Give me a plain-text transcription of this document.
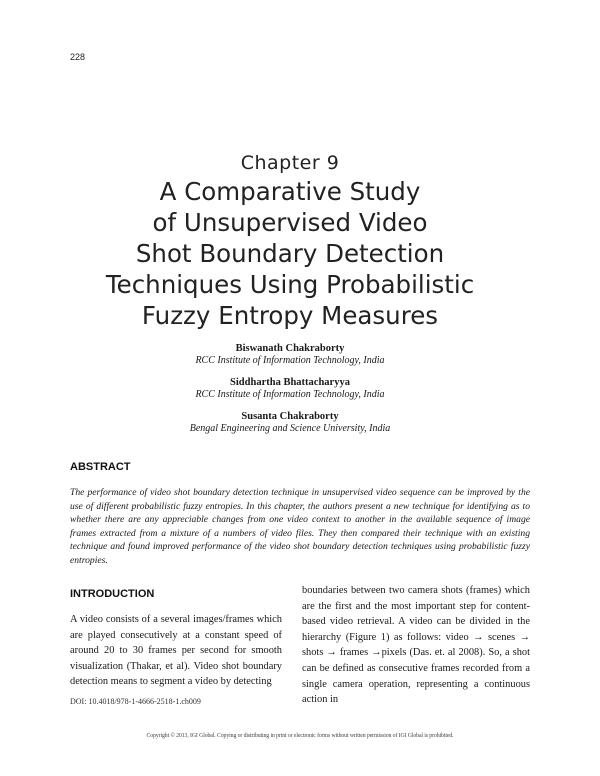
228
Chapter 9
A Comparative Study
of Unsupervised Video
Shot Boundary Detection
Techniques Using Probabilistic
Fuzzy Entropy Measures
Biswanath Chakraborty
RCC Institute of Information Technology, India
Siddhartha Bhattacharyya
RCC Institute of Information Technology, India
Susanta Chakraborty
Bengal Engineering and Science University, India
ABSTRACT
The performance of video shot boundary detection technique in unsupervised video sequence can be improved by the use of different probabilistic fuzzy entropies. In this chapter, the authors present a new technique for identifying as to whether there are any appreciable changes from one video context to another in the available sequence of image frames extracted from a mixture of a numbers of video files. They then compared their technique with an existing technique and found improved performance of the video shot boundary detection techniques using probabilistic fuzzy entropies.
INTRODUCTION
A video consists of a several images/frames which are played consecutively at a constant speed of around 20 to 30 frames per second for smooth visualization (Thakar, et al). Video shot boundary detection means to segment a video by detecting
boundaries between two camera shots (frames) which are the first and the most important step for content-based video retrieval. A video can be divided in the hierarchy (Figure 1) as follows: video → scenes → shots → frames →pixels (Das. et. al 2008). So, a shot can be defined as consecutive frames recorded from a single camera operation, representing a continuous action in
DOI: 10.4018/978-1-4666-2518-1.ch009
Copyright © 2013, IGI Global. Copying or distributing in print or electronic forms without written permission of IGI Global is prohibited.
